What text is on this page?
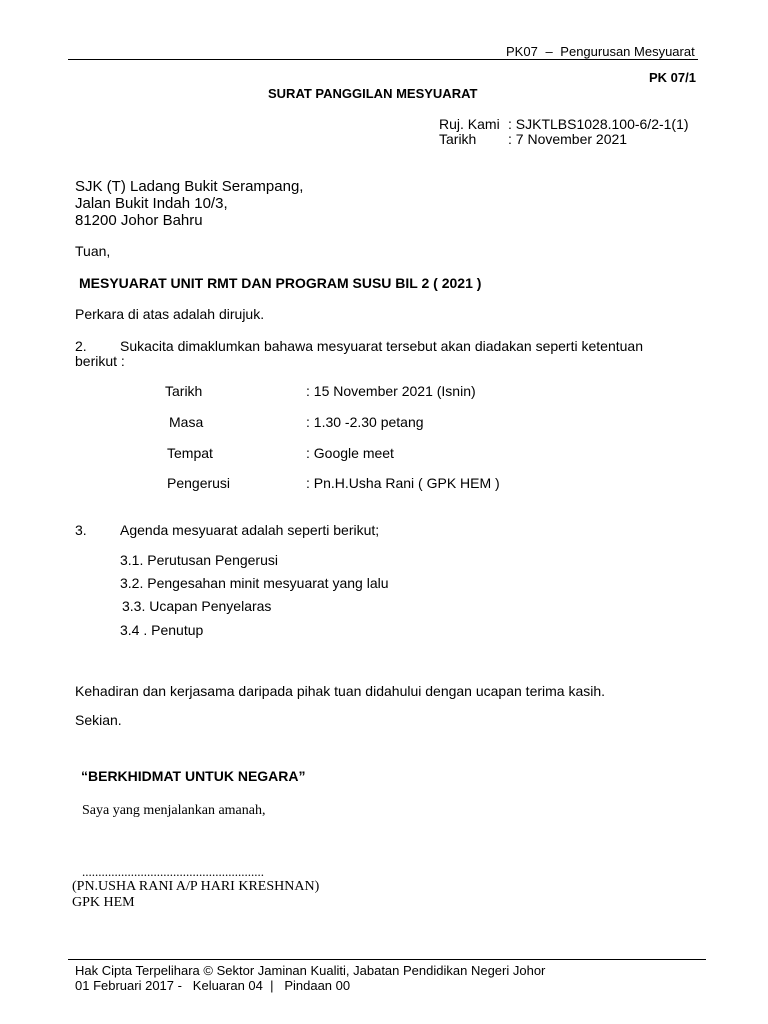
PK07 – Pengurusan Mesyuarat
PK 07/1
SURAT PANGGILAN MESYUARAT
Ruj. Kami : SJKTLBS1028.100-6/2-1(1)
Tarikh : 7 November 2021
SJK (T) Ladang Bukit Serampang,
Jalan Bukit Indah 10/3,
81200 Johor Bahru
Tuan,
MESYUARAT UNIT RMT DAN PROGRAM SUSU BIL 2 ( 2021 )
Perkara di atas adalah dirujuk.
2. Sukacita dimaklumkan bahawa mesyuarat tersebut akan diadakan seperti ketentuan
berikut :
Tarikh	: 15 November 2021 (Isnin)
Masa	: 1.30 -2.30 petang
Tempat	: Google meet
Pengerusi	: Pn.H.Usha Rani ( GPK HEM )
3. Agenda mesyuarat adalah seperti berikut;
3.1. Perutusan Pengerusi
3.2. Pengesahan minit mesyuarat yang lalu
3.3. Ucapan Penyelaras
3.4 . Penutup
Kehadiran dan kerjasama daripada pihak tuan didahului dengan ucapan terima kasih.
Sekian.
“BERKHIDMAT UNTUK NEGARA”
Saya yang menjalankan amanah,
........................................................
(PN.USHA RANI A/P HARI KRESHNAN)
GPK HEM
Hak Cipta Terpelihara © Sektor Jaminan Kualiti, Jabatan Pendidikan Negeri Johor
01 Februari 2017 -   Keluaran 04  |   Pindaan 00
